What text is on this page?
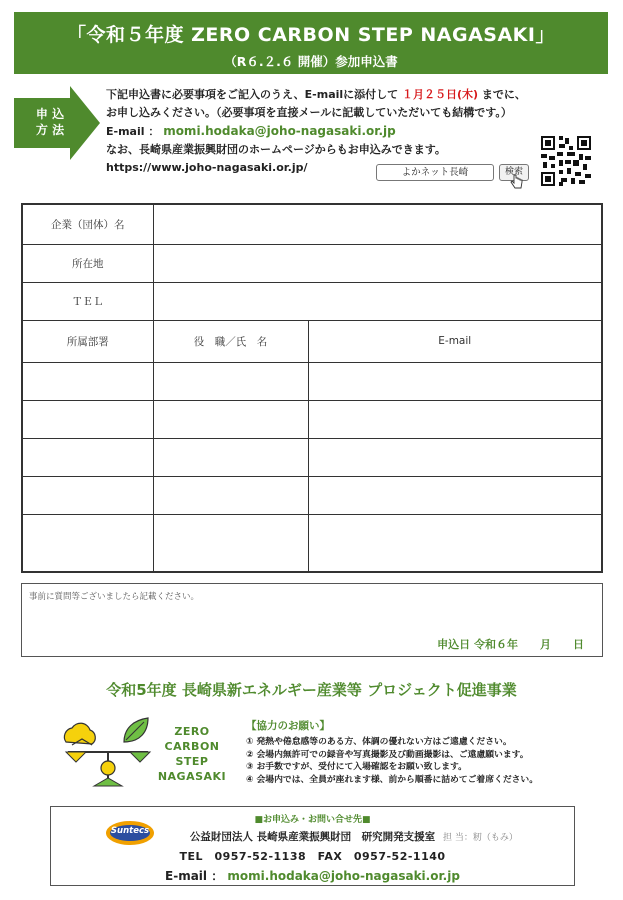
「令和５年度 ZERO CARBON STEP NAGASAKI」
（R６.２.６ 開催）参加申込書
申 込
方 法
下記申込書に必要事項をご記入のうえ、E-mailに添付して １月２５日(木) までに、
お申し込みください。（必要事項を直接メールに記載していただいても結構です。）
E-mail ： momi.hodaka@joho-nagasaki.or.jp
なお、長崎県産業振興財団のホームページからもお申込みできます。
https://www.joho-nagasaki.or.jp/	よかネット長崎	検索
企業（団体）名		
所在地		
ＴＥＬ		
所属部署	役　職／氏　名	E-mail

事前に質問等ございましたら記載ください。
申込日 令和６年　　月　　日
令和5年度 長崎県新エネルギー産業等 プロジェクト促進事業
ZERO
CARBON
STEP
NAGASAKI
【協力のお願い】
① 発熱や倦怠感等のある方、体調の優れない方はご遠慮ください。
② 会場内無許可での録音や写真撮影及び動画撮影は、ご遠慮願います。
③ お手数ですが、受付にて入場確認をお願い致します。
④ 会場内では、全員が座れます様、前から順番に詰めてご着席ください。
Suntecs
■お申込み・お問い合せ先■
公益財団法人 長崎県産業振興財団　研究開発支援室 担 当：籾（もみ）
TEL　0957-52-1138　FAX　0957-52-1140
E-mail ： momi.hodaka@joho-nagasaki.or.jp
